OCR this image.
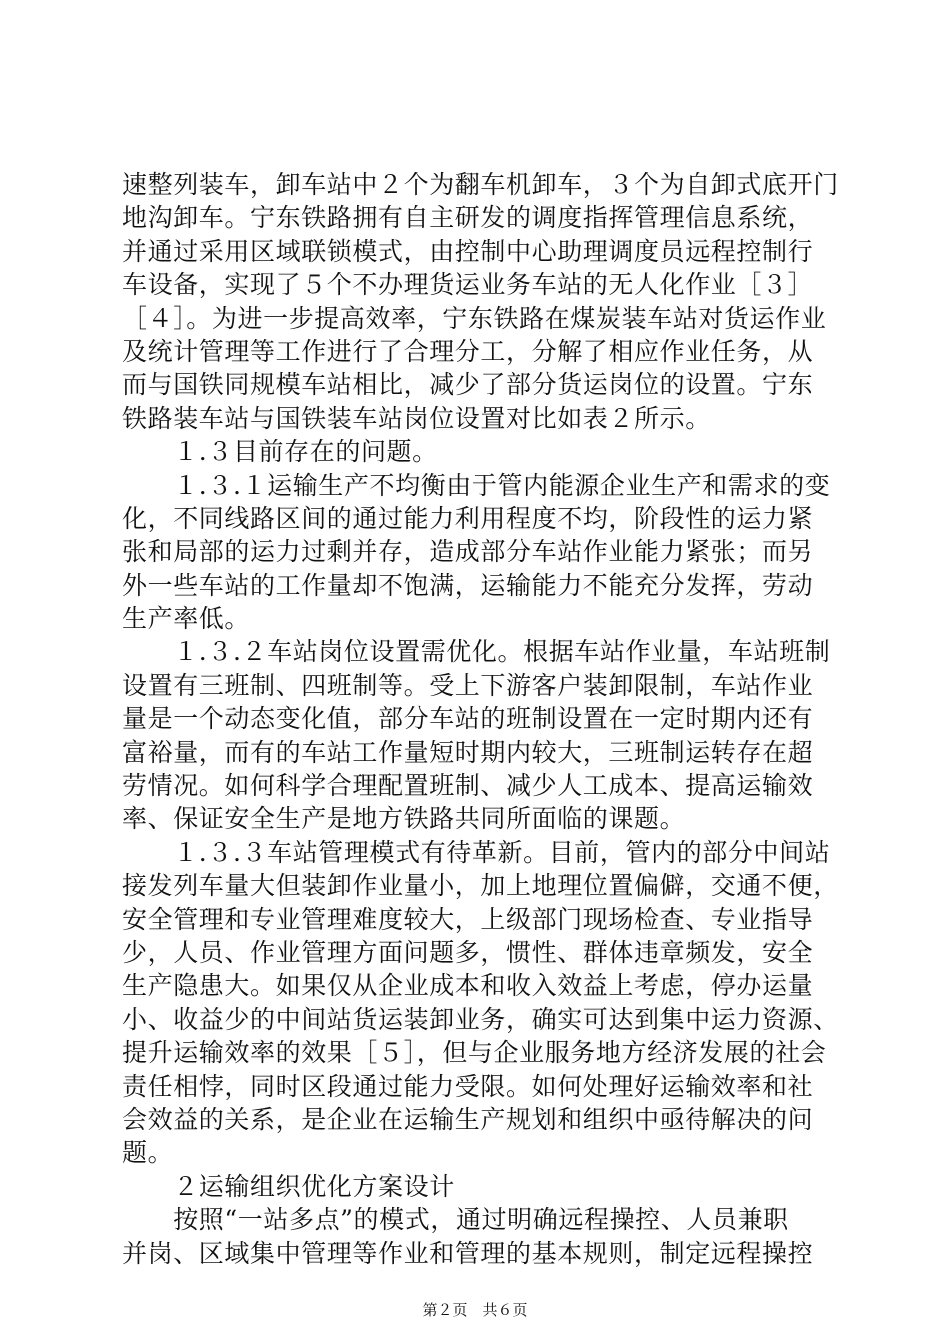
速整列装车，卸车站中２个为翻车机卸车，３个为自卸式底开门
地沟卸车。宁东铁路拥有自主研发的调度指挥管理信息系统，
并通过采用区域联锁模式，由控制中心助理调度员远程控制行
车设备，实现了５个不办理货运业务车站的无人化作业［３］
［４］。为进一步提高效率，宁东铁路在煤炭装车站对货运作业
及统计管理等工作进行了合理分工，分解了相应作业任务，从
而与国铁同规模车站相比，减少了部分货运岗位的设置。宁东
铁路装车站与国铁装车站岗位设置对比如表２所示。
　　１.３目前存在的问题。
　　１.３.１运输生产不均衡由于管内能源企业生产和需求的变
化，不同线路区间的通过能力利用程度不均，阶段性的运力紧
张和局部的运力过剩并存，造成部分车站作业能力紧张；而另
外一些车站的工作量却不饱满，运输能力不能充分发挥，劳动
生产率低。
　　１.３.２车站岗位设置需优化。根据车站作业量，车站班制
设置有三班制、四班制等。受上下游客户装卸限制，车站作业
量是一个动态变化值，部分车站的班制设置在一定时期内还有
富裕量，而有的车站工作量短时期内较大，三班制运转存在超
劳情况。如何科学合理配置班制、减少人工成本、提高运输效
率、保证安全生产是地方铁路共同所面临的课题。
　　１.３.３车站管理模式有待革新。目前，管内的部分中间站
接发列车量大但装卸作业量小，加上地理位置偏僻，交通不便，
安全管理和专业管理难度较大，上级部门现场检查、专业指导
少，人员、作业管理方面问题多，惯性、群体违章频发，安全
生产隐患大。如果仅从企业成本和收入效益上考虑，停办运量
小、收益少的中间站货运装卸业务，确实可达到集中运力资源、
提升运输效率的效果［５］，但与企业服务地方经济发展的社会
责任相悖，同时区段通过能力受限。如何处理好运输效率和社
会效益的关系，是企业在运输生产规划和组织中亟待解决的问
题。
　　２运输组织优化方案设计
　　按照“一站多点”的模式，通过明确远程操控、人员兼职
并岗、区域集中管理等作业和管理的基本规则，制定远程操控
第２页　共６页
